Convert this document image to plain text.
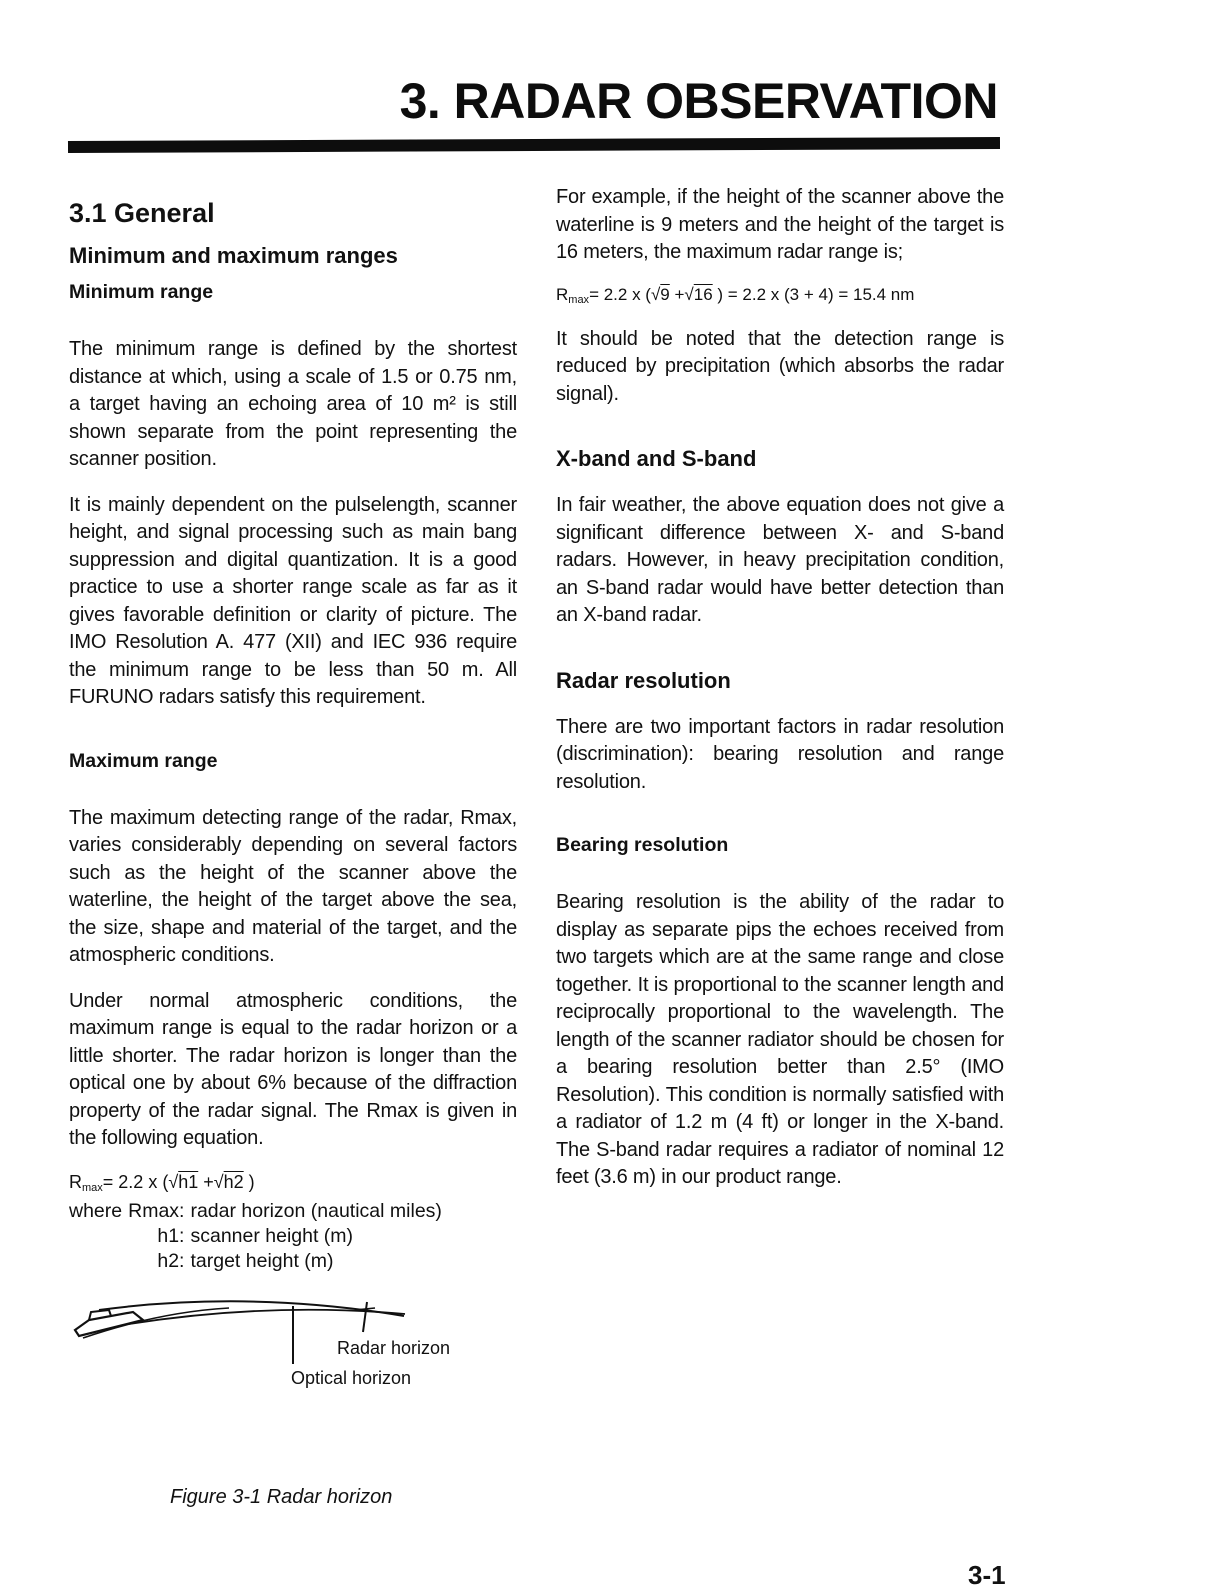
3. RADAR OBSERVATION
3.1 General
Minimum and maximum ranges
Minimum range

The minimum range is defined by the shortest distance at which, using a scale of 1.5 or 0.75 nm, a target having an echoing area of 10 m² is still shown separate from the point representing the scanner position.

It is mainly dependent on the pulselength, scanner height, and signal processing such as main bang suppression and digital quantization. It is a good practice to use a shorter range scale as far as it gives favorable definition or clarity of picture. The IMO Resolution A. 477 (XII) and IEC 936 require the minimum range to be less than 50 m. All FURUNO radars satisfy this requirement.

Maximum range

The maximum detecting range of the radar, Rmax, varies considerably depending on several factors such as the height of the scanner above the waterline, the height of the target above the sea, the size, shape and material of the target, and the atmospheric conditions.

Under normal atmospheric conditions, the maximum range is equal to the radar horizon or a little shorter. The radar horizon is longer than the optical one by about 6% because of the diffraction property of the radar signal. The Rmax is given in the following equation.

Rmax= 2.2 x (√h1 +√h2 )
where	Rmax:	radar horizon (nautical miles)
	h1:	scanner height (m)
	h2:	target height (m)
Radar horizon
Optical horizon
Figure 3-1 Radar horizon

For example, if the height of the scanner above the waterline is 9 meters and the height of the target is 16 meters, the maximum radar range is;

Rmax= 2.2 x (√9 +√16 ) = 2.2 x (3 + 4) = 15.4 nm

It should be noted that the detection range is reduced by precipitation (which absorbs the radar signal).

X-band and S-band

In fair weather, the above equation does not give a significant difference between X- and S-band radars. However, in heavy precipitation condition, an S-band radar would have better detection than an X-band radar.

Radar resolution

There are two important factors in radar resolution (discrimination): bearing resolution and range resolution.

Bearing resolution

Bearing resolution is the ability of the radar to display as separate pips the echoes received from two targets which are at the same range and close together. It is proportional to the scanner length and reciprocally proportional to the wavelength. The length of the scanner radiator should be chosen for a bearing resolution better than 2.5° (IMO Resolution). This condition is normally satisfied with a radiator of 1.2 m (4 ft) or longer in the X-band. The S-band radar requires a radiator of nominal 12 feet (3.6 m) in our product range.

3-1
